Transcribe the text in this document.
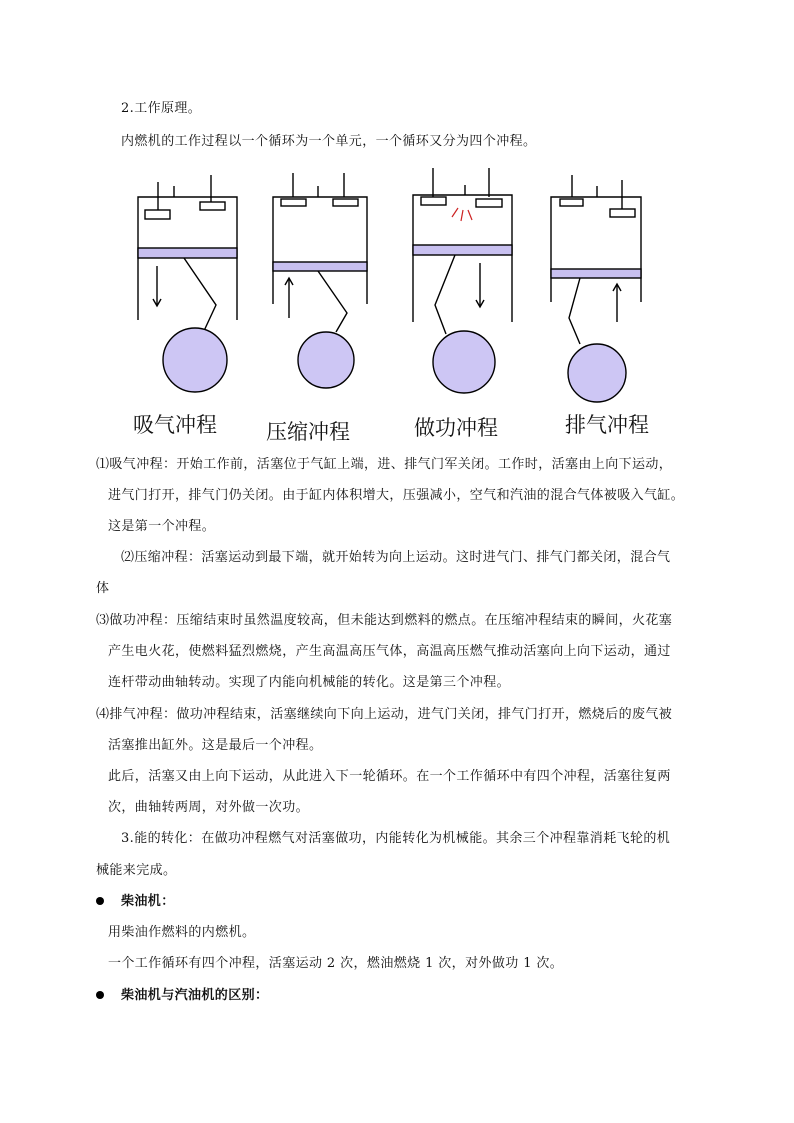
2.工作原理。
内燃机的工作过程以一个循环为一个单元，一个循环又分为四个冲程。
吸气冲程 压缩冲程	做功冲程	排气冲程
⑴吸气冲程：开始工作前，活塞位于气缸上端，进、排气门军关闭。工作时，活塞由上向下运动，
进气门打开，排气门仍关闭。由于缸内体积增大，压强减小，空气和汽油的混合气体被吸入气缸。
这是第一个冲程。
⑵压缩冲程：活塞运动到最下端，就开始转为向上运动。这时进气门、排气门都关闭，混合气
体
⑶做功冲程：压缩结束时虽然温度较高，但未能达到燃料的燃点。在压缩冲程结束的瞬间，火花塞
产生电火花，使燃料猛烈燃烧，产生高温高压气体，高温高压燃气推动活塞向上向下运动，通过
连杆带动曲轴转动。实现了内能向机械能的转化。这是第三个冲程。
⑷排气冲程：做功冲程结束，活塞继续向下向上运动，进气门关闭，排气门打开，燃烧后的废气被
活塞推出缸外。这是最后一个冲程。
此后，活塞又由上向下运动，从此进入下一轮循环。在一个工作循环中有四个冲程，活塞往复两
次，曲轴转两周，对外做一次功。
3.能的转化：在做功冲程燃气对活塞做功，内能转化为机械能。其余三个冲程靠消耗飞轮的机
械能来完成。
柴油机：
用柴油作燃料的内燃机。
一个工作循环有四个冲程，活塞运动 2 次，燃油燃烧 1 次，对外做功 1 次。
柴油机与汽油机的区别：
